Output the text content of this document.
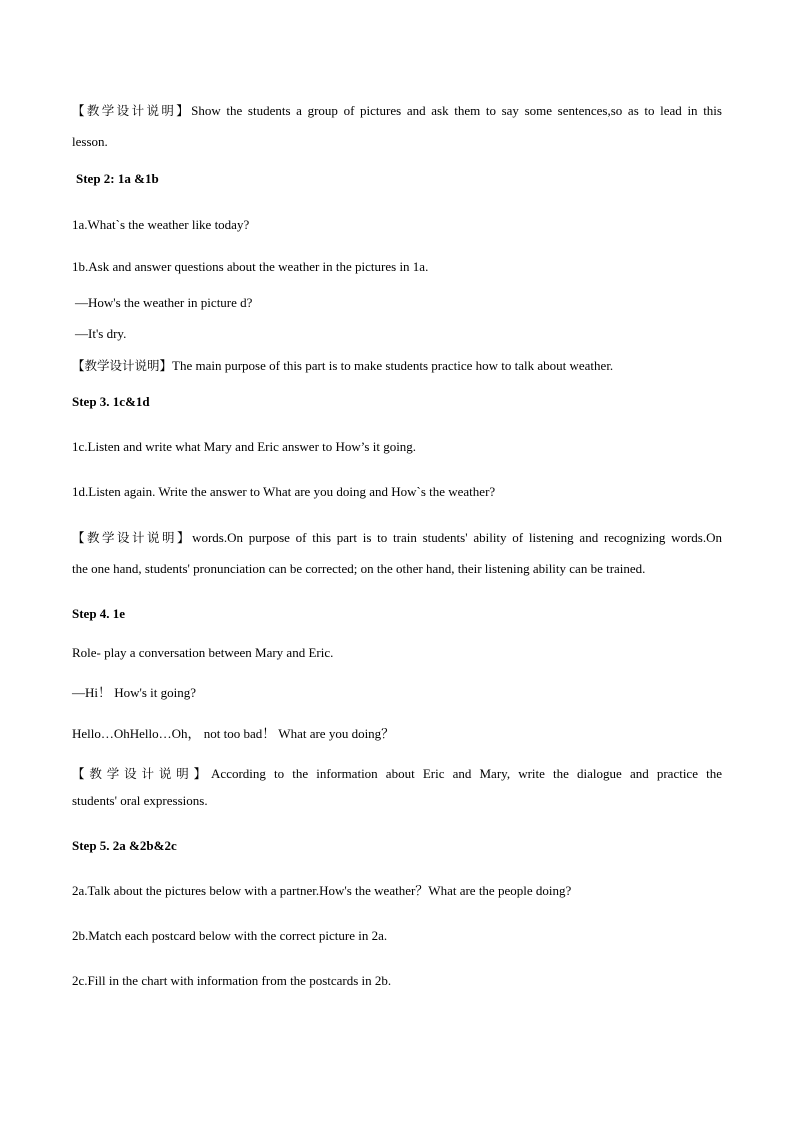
【教学设计说明】Show the students a group of pictures and ask them to say some sentences,so as to lead in this
lesson.
Step 2: 1a &1b
1a.What`s the weather like today?
1b.Ask and answer questions about the weather in the pictures in 1a.
—How's the weather in picture d?
—It's dry.
【教学设计说明】The main purpose of this part is to make students practice how to talk about weather.
Step 3. 1c&1d
1c.Listen and write what Mary and Eric answer to How’s it going.
1d.Listen again. Write the answer to What are you doing and How`s the weather?
【教学设计说明】words.On purpose of this part is to train students' ability of listening and recognizing words.On
the one hand, students' pronunciation can be corrected; on the other hand, their listening ability can be trained.
Step 4. 1e
Role- play a conversation between Mary and Eric.
—Hi！ How's it going?
Hello…OhHello…Oh， not too bad！ What are you doing？
【教学设计说明】According to the information about Eric and Mary, write the dialogue and practice the
students' oral expressions.
Step 5. 2a &2b&2c
2a.Talk about the pictures below with a partner.How's the weather？What are the people doing?
2b.Match each postcard below with the correct picture in 2a.
2c.Fill in the chart with information from the postcards in 2b.
